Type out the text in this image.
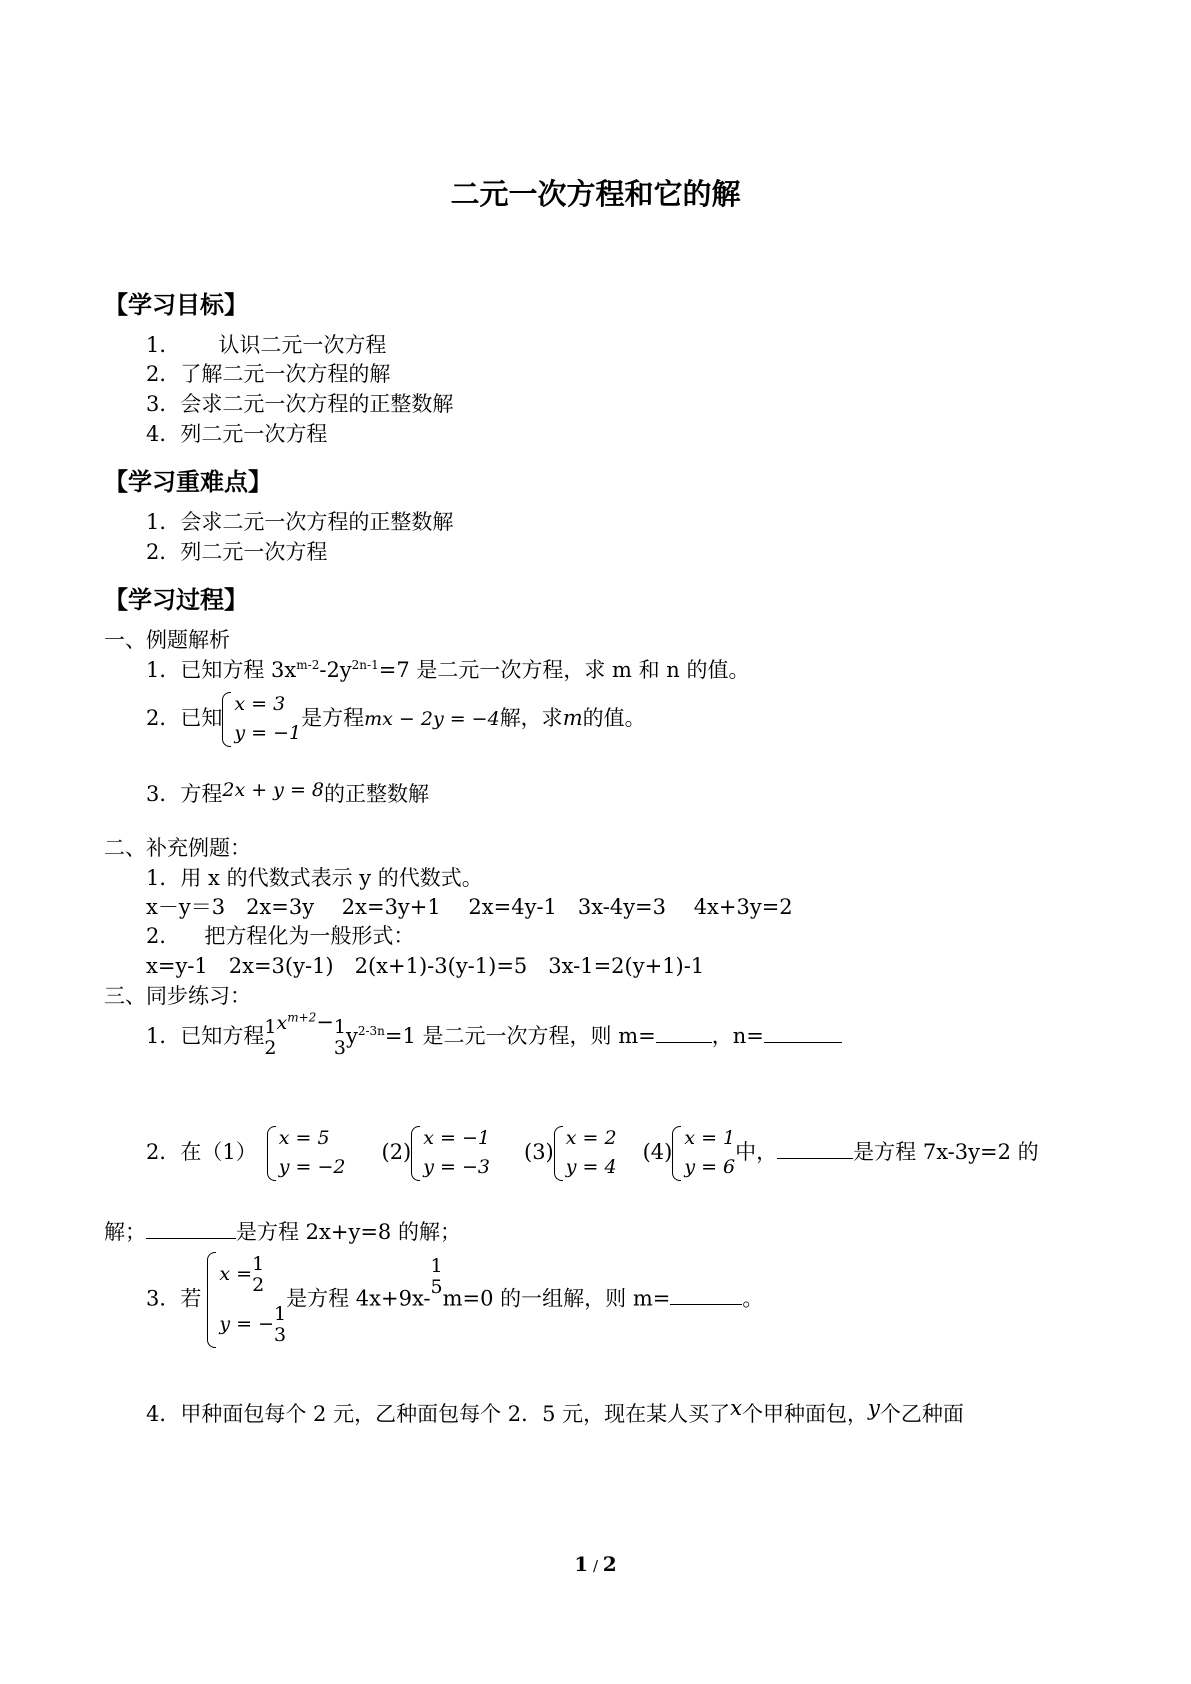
二元一次方程和它的解
【学习目标】
1． 认识二元一次方程
2．了解二元一次方程的解
3．会求二元一次方程的正整数解
4．列二元一次方程
【学习重难点】
1．会求二元一次方程的正整数解
2．列二元一次方程
【学习过程】
一、例题解析
1．已知方程 $3x^{m-2}-2y^{2n-1}=7$ 是二元一次方程，求 m 和 n 的值。
2．已知
x = 3
y = −1
是方程mx − 2y = −4解，求m的值。
3．方程2x + y = 8的正整数解
二、补充例题：
1．用 x 的代数式表示 y 的代数式。
x－y＝3　2x=3y　 2x=3y+1　 2x=4y-1　3x-4y=3　 4x+3y=2
2． 把方程化为一般形式：
x=y-1　2x=3(y-1)　2(x+1)-3(y-1)=5　3x-1=2(y+1)-1
三、同步练习：
1．已知方程 1
2
$x^{m+2}- 1$
3 $y^{2-3n}=1$ 是二元一次方程，则 m=	，n=
2．在（1）
x = 5
y = −2
(2)
x = −1
y = −3
(3)
x = 2
y = 4
(4)
x = 1
y = 6
中，	是方程 7x-3y=2 的
解；	是方程 2x+y=8 的解；
3．若
x = 1
2
y = − 1
3
是方程 4x+9x-
1
5 m=0 的一组解，则 m=	。
4．甲种面包每个 2 元，乙种面包每个 2．5 元，现在某人买了x个甲种面包，y个乙种面
1 / 2
